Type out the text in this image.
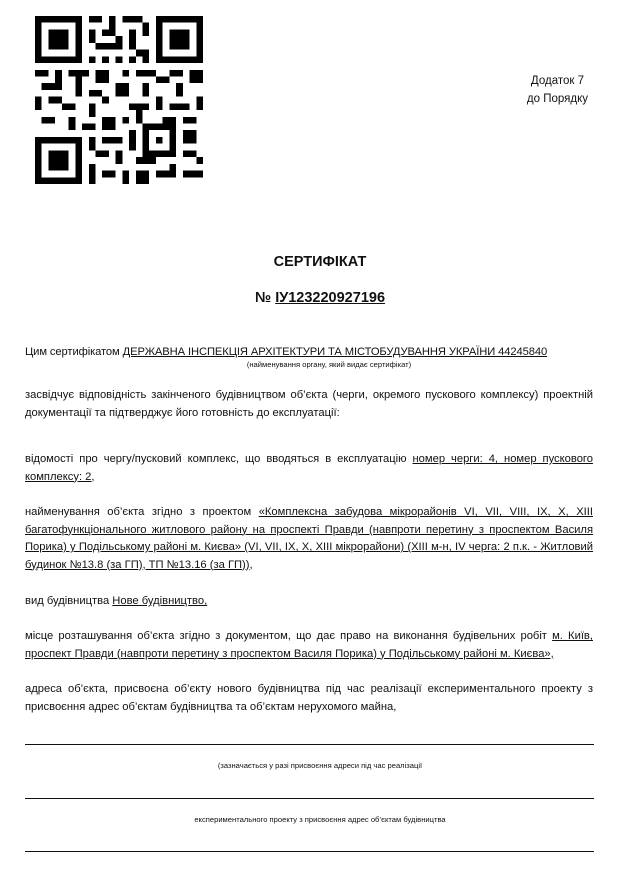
Додаток 7
до Порядку
СЕРТИФІКАТ
№ ІУ123220927196
Цим сертифікатом ДЕРЖАВНА ІНСПЕКЦІЯ АРХІТЕКТУРИ ТА МІСТОБУДУВАННЯ УКРАЇНИ 44245840
(найменування органу, який видає сертифікат)
засвідчує відповідність закінченого будівництвом об’єкта (черги, окремого пускового комплексу) проектній документації та підтверджує його готовність до експлуатації:
відомості про чергу/пусковий комплекс, що вводяться в експлуатацію номер черги: 4, номер пускового комплексу: 2,
найменування об’єкта згідно з проектом «Комплексна забудова мікрорайонів VI, VII, VIII, IX, X, XIII багатофункціонального житлового району на проспекті Правди (навпроти перетину з проспектом Василя Порика) у Подільському районі м. Києва» (VI, VII, IX, X, XIII мікрорайони) (XIII м-н, IV черга: 2 п.к. - Житловий будинок №13.8 (за ГП), ТП №13.16 (за ГП)),
вид будівництва Нове будівництво,
місце розташування об’єкта згідно з документом, що дає право на виконання будівельних робіт м. Київ, проспект Правди (навпроти перетину з проспектом Василя Порика) у Подільському районі м. Києва»,
адреса об’єкта, присвоєна об’єкту нового будівництва під час реалізації експериментального проекту з присвоєння адрес об’єктам будівництва та об’єктам нерухомого майна,
(зазначається у разі присвоєння адреси під час реалізації
експериментального проекту з присвоєння адрес об’єктам будівництва
